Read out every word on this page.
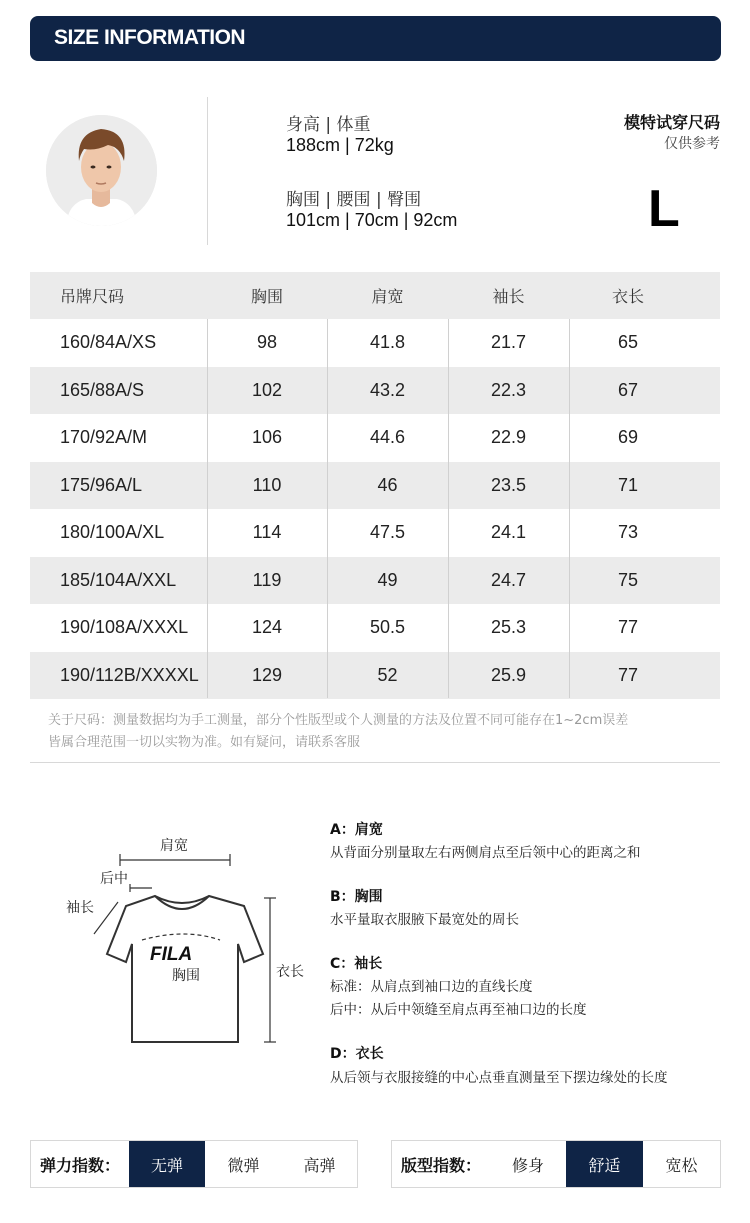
SIZE INFORMATION
身高 | 体重
188cm | 72kg
胸围 | 腰围 | 臀围
101cm | 70cm | 92cm
模特试穿尺码
仅供参考
L
吊牌尺码	胸围	肩宽	袖长	衣长
160/84A/XS	98	41.8	21.7	65
165/88A/S	102	43.2	22.3	67
170/92A/M	106	44.6	22.9	69
175/96A/L	110	46	23.5	71
180/100A/XL	114	47.5	24.1	73
185/104A/XXL	119	49	24.7	75
190/108A/XXXL	124	50.5	25.3	77
190/112B/XXXXL	129	52	25.9	77
关于尺码：测量数据均为手工测量，部分个性版型或个人测量的方法及位置不同可能存在1~2cm误差
皆属合理范围一切以实物为准。如有疑问，请联系客服
肩宽
后中
袖长
FILA
胸围	衣长
A：肩宽
从背面分别量取左右两侧肩点至后领中心的距离之和
B：胸围
水平量取衣服腋下最宽处的周长
C：袖长
标准：从肩点到袖口边的直线长度
后中：从后中领缝至肩点再至袖口边的长度
D：衣长
从后领与衣服接缝的中心点垂直测量至下摆边缘处的长度
弹力指数：	无弹	微弹	高弹	版型指数：	修身	舒适	宽松
